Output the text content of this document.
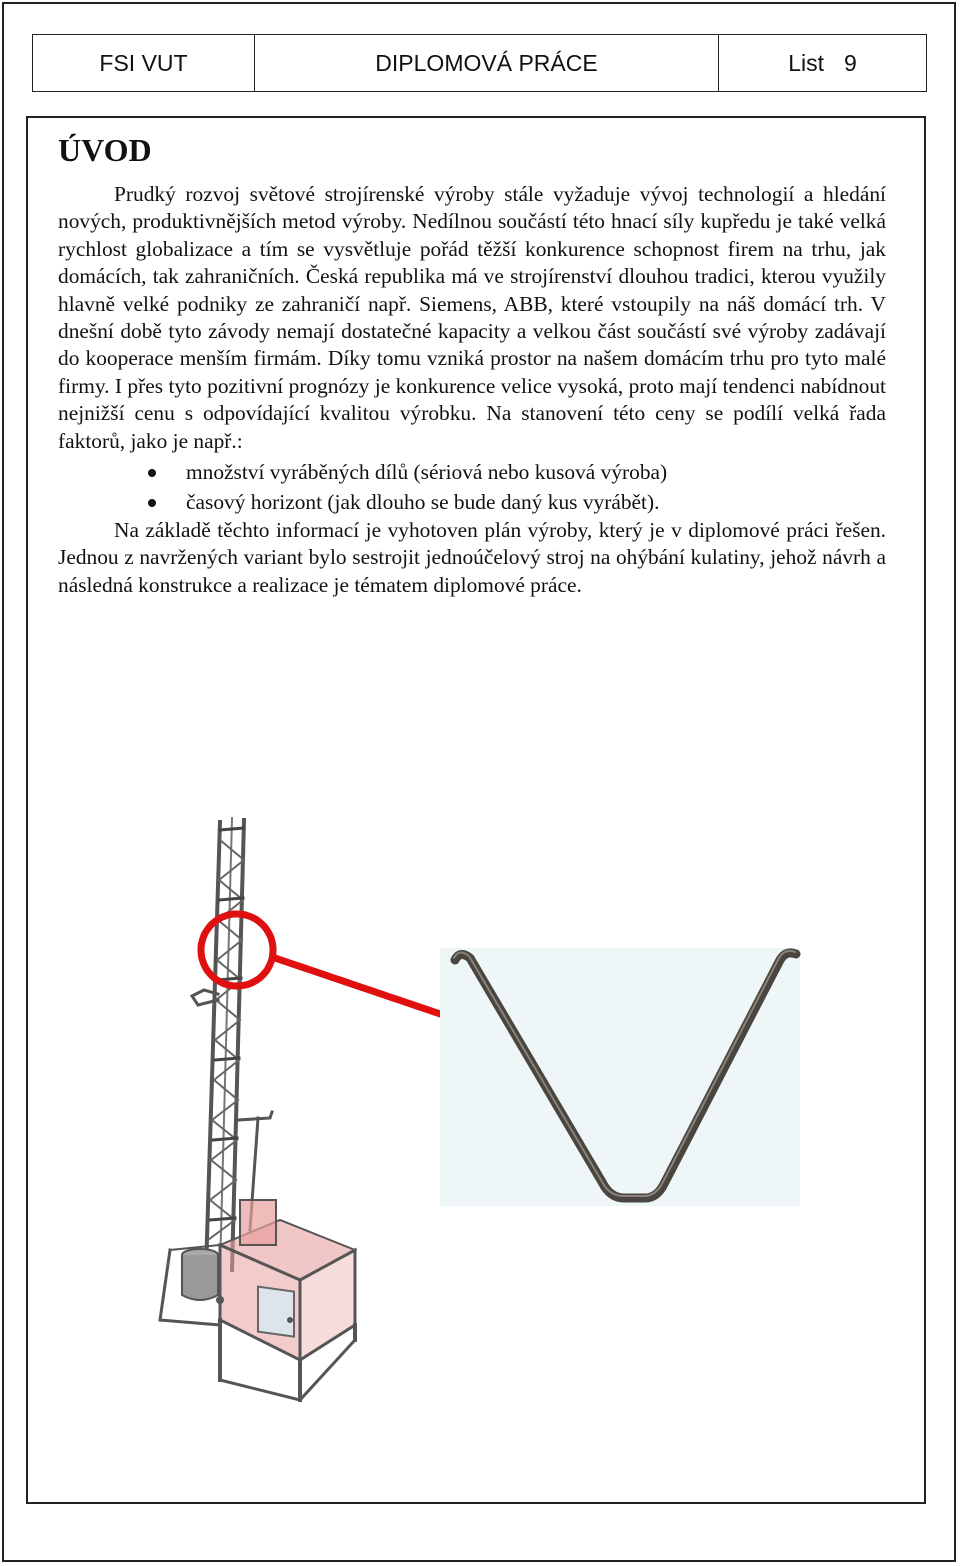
FSI VUT	DIPLOMOVÁ PRÁCE	List 9
ÚVOD

Prudký rozvoj světové strojírenské výroby stále vyžaduje vývoj technologií a hledání nových, produktivnějších metod výroby. Nedílnou součástí této hnací síly kupředu je také velká rychlost globalizace a tím se vysvětluje pořád těžší konkurence schopnost firem na trhu, jak domácích, tak zahraničních. Česká republika má ve strojírenství dlouhou tradici, kterou využily hlavně velké podniky ze zahraničí např. Siemens, ABB, které vstoupily na náš domácí trh. V dnešní době tyto závody nemají dostatečné kapacity a velkou část součástí své výroby zadávají do kooperace menším firmám. Díky tomu vzniká prostor na našem domácím trhu pro tyto malé firmy. I přes tyto pozitivní prognózy je konkurence velice vysoká, proto mají tendenci nabídnout nejnižší cenu s odpovídající kvalitou výrobku. Na stanovení této ceny se podílí velká řada faktorů, jako je např.:

množství vyráběných dílů (sériová nebo kusová výroba)
časový horizont (jak dlouho se bude daný kus vyrábět).

Na základě těchto informací je vyhotoven plán výroby, který je v diplomové práci řešen. Jednou z navržených variant bylo sestrojit jednoúčelový stroj na ohýbání kulatiny, jehož návrh a následná konstrukce a realizace je tématem diplomové práce.
